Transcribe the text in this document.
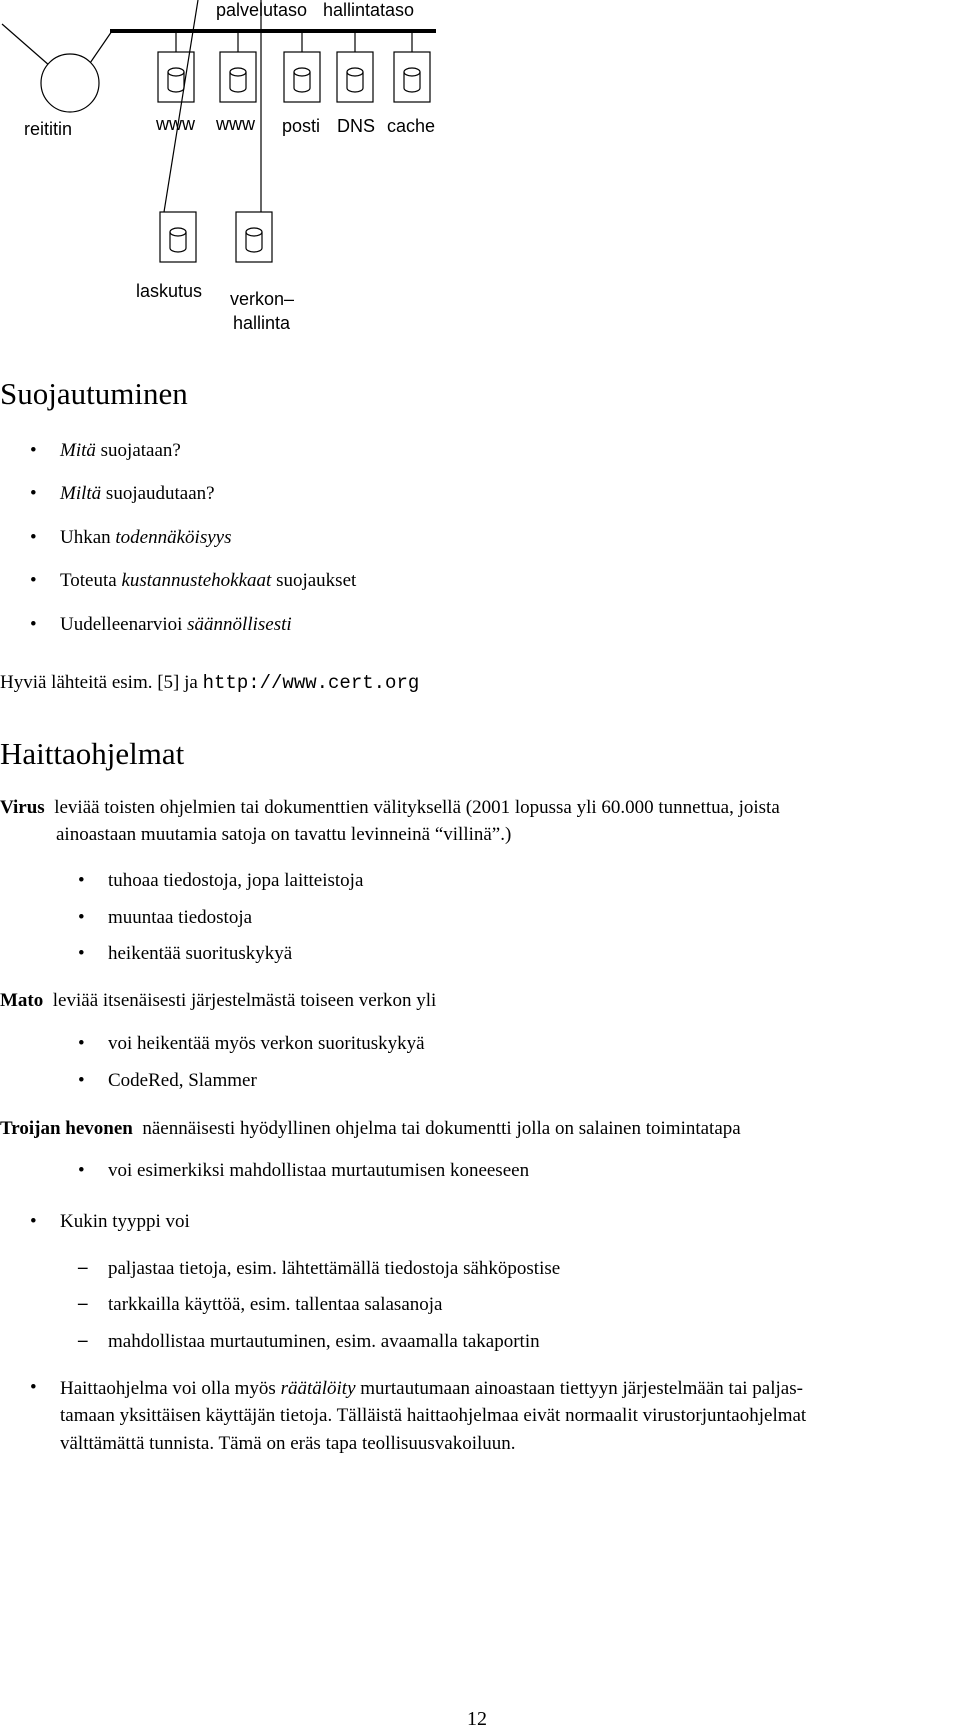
palvelutaso hallintataso
reititin	www www posti DNS cache
laskutus verkon–
hallinta
Suojautuminen
• Mitä suojataan?
• Miltä suojaudutaan?
• Uhkan todennäköisyys
• Toteuta kustannustehokkaat suojaukset
• Uudelleenarvioi säännöllisesti
Hyviä lähteitä esim. [5] ja http://www.cert.org
Haittaohjelmat
Virus leviää toisten ohjelmien tai dokumenttien välityksellä (2001 lopussa yli 60.000 tunnettua, joista
ainoastaan muutamia satoja on tavattu levinneinä “villinä”.)
• tuhoaa tiedostoja, jopa laitteistoja
• muuntaa tiedostoja
• heikentää suorituskykyä
Mato leviää itsenäisesti järjestelmästä toiseen verkon yli
• voi heikentää myös verkon suorituskykyä
• CodeRed, Slammer
Troijan hevonen näennäisesti hyödyllinen ohjelma tai dokumentti jolla on salainen toimintatapa
• voi esimerkiksi mahdollistaa murtautumisen koneeseen
• Kukin tyyppi voi
– paljastaa tietoja, esim. lähtettämällä tiedostoja sähköpostise
– tarkkailla käyttöä, esim. tallentaa salasanoja
– mahdollistaa murtautuminen, esim. avaamalla takaportin
• Haittaohjelma voi olla myös räätälöity murtautumaan ainoastaan tiettyyn järjestelmään tai paljas-
tamaan yksittäisen käyttäjän tietoja. Tälläistä haittaohjelmaa eivät normaalit virustorjuntaohjelmat
välttämättä tunnista. Tämä on eräs tapa teollisuusvakoiluun.
12
